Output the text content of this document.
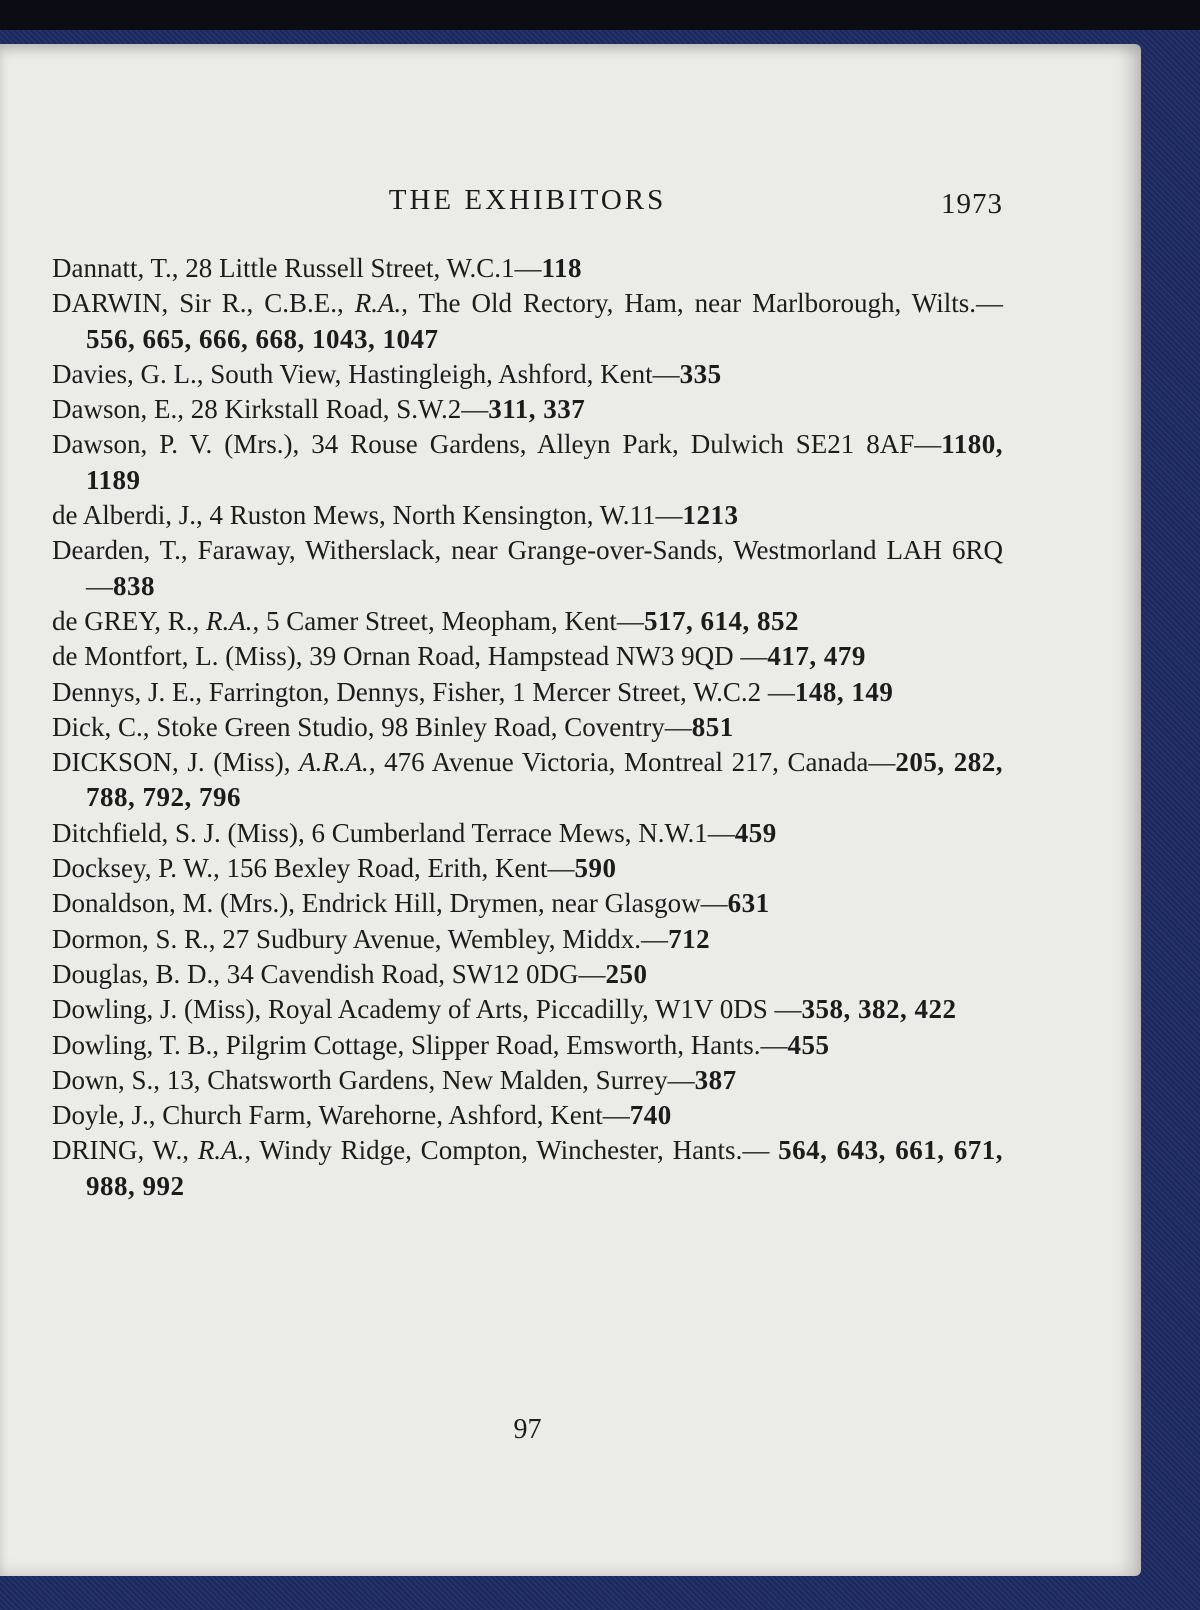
THE EXHIBITORS	1973
Dannatt, T., 28 Little Russell Street, W.C.1—118
DARWIN, Sir R., C.B.E., R.A., The Old Rectory, Ham, near Marlborough, Wilts.—556, 665, 666, 668, 1043, 1047
Davies, G. L., South View, Hastingleigh, Ashford, Kent—335
Dawson, E., 28 Kirkstall Road, S.W.2—311, 337
Dawson, P. V. (Mrs.), 34 Rouse Gardens, Alleyn Park, Dulwich SE21 8AF—1180, 1189
de Alberdi, J., 4 Ruston Mews, North Kensington, W.11—1213
Dearden, T., Faraway, Witherslack, near Grange-over-Sands, Westmorland LAH 6RQ—838
de GREY, R., R.A., 5 Camer Street, Meopham, Kent—517, 614, 852
de Montfort, L. (Miss), 39 Ornan Road, Hampstead NW3 9QD —417, 479
Dennys, J. E., Farrington, Dennys, Fisher, 1 Mercer Street, W.C.2 —148, 149
Dick, C., Stoke Green Studio, 98 Binley Road, Coventry—851
DICKSON, J. (Miss), A.R.A., 476 Avenue Victoria, Montreal 217, Canada—205, 282, 788, 792, 796
Ditchfield, S. J. (Miss), 6 Cumberland Terrace Mews, N.W.1—459
Docksey, P. W., 156 Bexley Road, Erith, Kent—590
Donaldson, M. (Mrs.), Endrick Hill, Drymen, near Glasgow—631
Dormon, S. R., 27 Sudbury Avenue, Wembley, Middx.—712
Douglas, B. D., 34 Cavendish Road, SW12 0DG—250
Dowling, J. (Miss), Royal Academy of Arts, Piccadilly, W1V 0DS —358, 382, 422
Dowling, T. B., Pilgrim Cottage, Slipper Road, Emsworth, Hants.—455
Down, S., 13, Chatsworth Gardens, New Malden, Surrey—387
Doyle, J., Church Farm, Warehorne, Ashford, Kent—740
DRING, W., R.A., Windy Ridge, Compton, Winchester, Hants.— 564, 643, 661, 671, 988, 992
97
